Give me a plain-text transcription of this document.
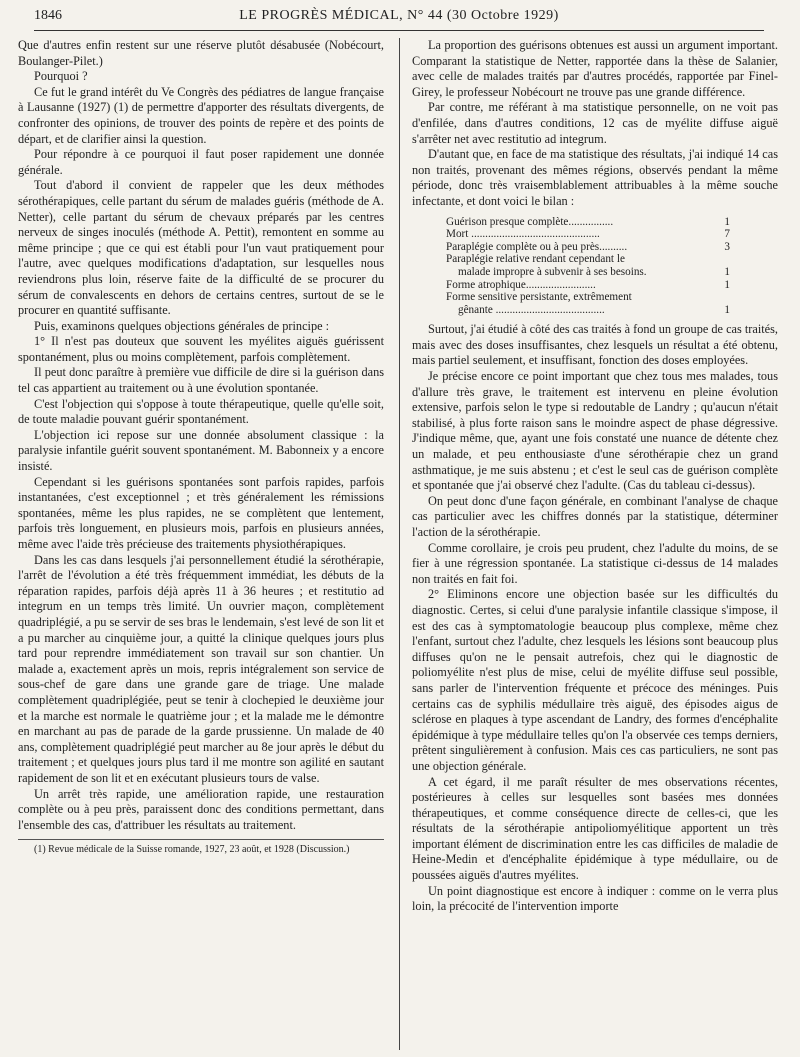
1846	LE PROGRÈS MÉDICAL, N° 44 (30 Octobre 1929)

Que d'autres enfin restent sur une réserve plutôt désabusée (Nobécourt, Boulanger-Pilet.)

Pourquoi ?

Ce fut le grand intérêt du Ve Congrès des pédiatres de langue française à Lausanne (1927) (1) de permettre d'apporter des résultats divergents, de confronter des opinions, de trouver des points de repère et des points de départ, et de clarifier ainsi la question.

Pour répondre à ce pourquoi il faut poser rapidement une donnée générale.

Tout d'abord il convient de rappeler que les deux méthodes sérothérapiques, celle partant du sérum de malades guéris (méthode de A. Netter), celle partant du sérum de chevaux préparés par les centres nerveux de singes inoculés (méthode A. Pettit), remontent en somme au même principe ; que ce qui est établi pour l'un vaut pratiquement pour l'autre, avec quelques modifications d'adaptation, sur lesquelles nous reviendrons plus loin, réserve faite de la difficulté de se procurer du sérum de convalescents en dehors de certains centres, surtout de se le procurer en quantité suffisante.

Puis, examinons quelques objections générales de principe :

1° Il n'est pas douteux que souvent les myélites aiguës guérissent spontanément, plus ou moins complètement, parfois complètement.

Il peut donc paraître à première vue difficile de dire si la guérison dans tel cas appartient au traitement ou à une évolution spontanée.

C'est l'objection qui s'oppose à toute thérapeutique, quelle qu'elle soit, de toute maladie pouvant guérir spontanément.

L'objection ici repose sur une donnée absolument classique : la paralysie infantile guérit souvent spontanément. M. Babonneix y a encore insisté.

Cependant si les guérisons spontanées sont parfois rapides, parfois instantanées, c'est exceptionnel ; et très généralement les rémissions spontanées, même les plus rapides, ne se complètent que lentement, parfois très longuement, en plusieurs mois, parfois en plusieurs années, même avec l'aide très précieuse des traitements physiothérapiques.

Dans les cas dans lesquels j'ai personnellement étudié la sérothérapie, l'arrêt de l'évolution a été très fréquemment immédiat, les débuts de la réparation rapides, parfois déjà après 11 à 36 heures ; et restitutio ad integrum en un temps très limité. Un ouvrier maçon, complètement quadriplégié, a pu se servir de ses bras le lendemain, s'est levé de son lit et a pu marcher au cinquième jour, a quitté la clinique quelques jours plus tard pour reprendre immédiatement son travail sur son chantier. Un malade a, exactement après un mois, repris intégralement son service de sous-chef de gare dans une grande gare de triage. Une malade complètement quadriplégiée, peut se tenir à clochepied le deuxième jour et la marche est normale le quatrième jour ; et la malade me le démontre en marchant au pas de parade de la garde prussienne. Un malade de 40 ans, complètement quadriplégié peut marcher au 8e jour après le début du traitement ; et quelques jours plus tard il me montre son agilité en sautant rapidement de son lit et en exécutant plusieurs tours de valse.

Un arrêt très rapide, une amélioration rapide, une restauration complète ou à peu près, paraissent donc des conditions permettant, dans l'ensemble des cas, d'attribuer les résultats au traitement.

(1) Revue médicale de la Suisse romande, 1927, 23 août, et 1928 (Discussion.)

La proportion des guérisons obtenues est aussi un argument important. Comparant la statistique de Netter, rapportée dans la thèse de Salanier, avec celle de malades traités par d'autres procédés, rapportée par Finel-Girey, le professeur Nobécourt ne trouve pas une grande différence.

Par contre, me référant à ma statistique personnelle, on ne voit pas d'enfilée, dans d'autres conditions, 12 cas de myélite diffuse aiguë s'arrêter net avec restitutio ad integrum.

D'autant que, en face de ma statistique des résultats, j'ai indiqué 14 cas non traités, provenant des mêmes régions, observés pendant la même période, donc très vraisemblablement attribuables à la même souche infectante, et dont voici le bilan :

Guérison presque complète................	1
Mort ..............................................	7
Paraplégie complète ou à peu près..........	3
Paraplégie relative rendant cependant le
malade impropre à subvenir à ses besoins.	1
Forme atrophique.........................	1
Forme sensitive persistante, extrêmement
gênante .......................................	1

Surtout, j'ai étudié à côté des cas traités à fond un groupe de cas traités, mais avec des doses insuffisantes, chez lesquels un résultat a été obtenu, mais partiel seulement, et insuffisant, fonction des doses employées.

Je précise encore ce point important que chez tous mes malades, tous d'allure très grave, le traitement est intervenu en pleine évolution extensive, parfois selon le type si redoutable de Landry ; qu'aucun n'était stabilisé, à plus forte raison sans le moindre aspect de phase dégressive. J'indique même, que, ayant une fois constaté une nuance de détente chez un malade, et peu enthousiaste d'une sérothérapie chez un grand asthmatique, je me suis abstenu ; et c'est le seul cas de guérison complète et spontanée que j'ai observé chez l'adulte. (Cas du tableau ci-dessus).

On peut donc d'une façon générale, en combinant l'analyse de chaque cas particulier avec les chiffres donnés par la statistique, déterminer l'action de la sérothérapie.

Comme corollaire, je crois peu prudent, chez l'adulte du moins, de se fier à une régression spontanée. La statistique ci-dessus de 14 malades non traités en fait foi.

2° Eliminons encore une objection basée sur les difficultés du diagnostic. Certes, si celui d'une paralysie infantile classique s'impose, il est des cas à symptomatologie beaucoup plus complexe, même chez l'enfant, surtout chez l'adulte, chez lesquels les lésions sont beaucoup plus diffuses qu'on ne le pensait autrefois, chez qui le diagnostic de poliomyélite n'est plus de mise, celui de myélite diffuse seul possible, sans parler de l'intervention fréquente et précoce des méninges. Puis certains cas de syphilis médullaire très aiguë, des épisodes aigus de sclérose en plaques à type ascendant de Landry, des formes d'encéphalite épidémique à type médullaire telles qu'on l'a observée ces temps derniers, prêtent singulièrement à confusion. Mais ces cas particuliers, ne sont pas une objection générale.

A cet égard, il me paraît résulter de mes observations récentes, postérieures à celles sur lesquelles sont basées mes données thérapeutiques, et comme conséquence directe de celles-ci, que les résultats de la sérothérapie antipoliomyélitique apportent un très important élément de discrimination entre les cas difficiles de maladie de Heine-Medin et d'encéphalite épidémique à type médullaire, ou de poussées aiguës d'autres myélites.

Un point diagnostique est encore à indiquer : comme on le verra plus loin, la précocité de l'intervention importe
